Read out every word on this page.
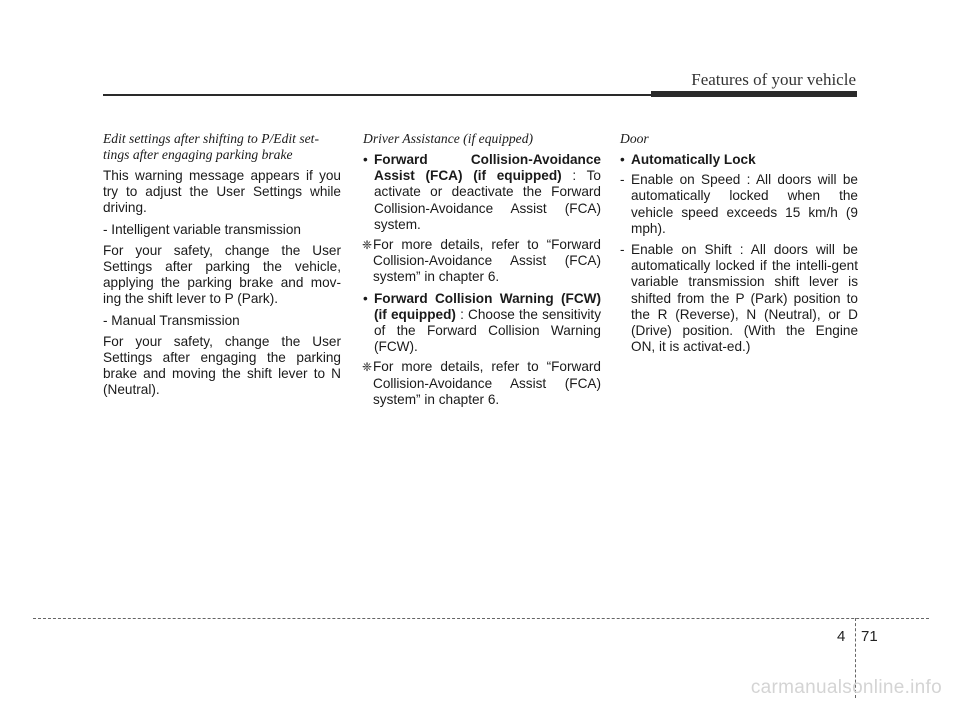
Features of your vehicle

Edit settings after shifting to P/Edit set-tings after engaging parking brake

This warning message appears if you try to adjust the User Settings while driving.

- Intelligent variable transmission

For your safety, change the User Settings after parking the vehicle, applying the parking brake and mov-ing the shift lever to P (Park).

- Manual Transmission

For your safety, change the User Settings after engaging the parking brake and moving the shift lever to N (Neutral).

Driver Assistance (if equipped)

• Forward Collision-Avoidance Assist (FCA) (if equipped) : To activate or deactivate the Forward Collision-Avoidance Assist (FCA) system.
❈ For more details, refer to “Forward Collision-Avoidance Assist (FCA) system” in chapter 6.
• Forward Collision Warning (FCW) (if equipped) : Choose the sensitivity of the Forward Collision Warning (FCW).
❈ For more details, refer to “Forward Collision-Avoidance Assist (FCA) system” in chapter 6.

Door

• Automatically Lock
- Enable on Speed : All doors will be automatically locked when the vehicle speed exceeds 15 km/h (9 mph).
- Enable on Shift : All doors will be automatically locked if the intelli-gent variable transmission shift lever is shifted from the P (Park) position to the R (Reverse), N (Neutral), or D (Drive) position. (With the Engine ON, it is activat-ed.)
4 71
carmanualsonline.info
